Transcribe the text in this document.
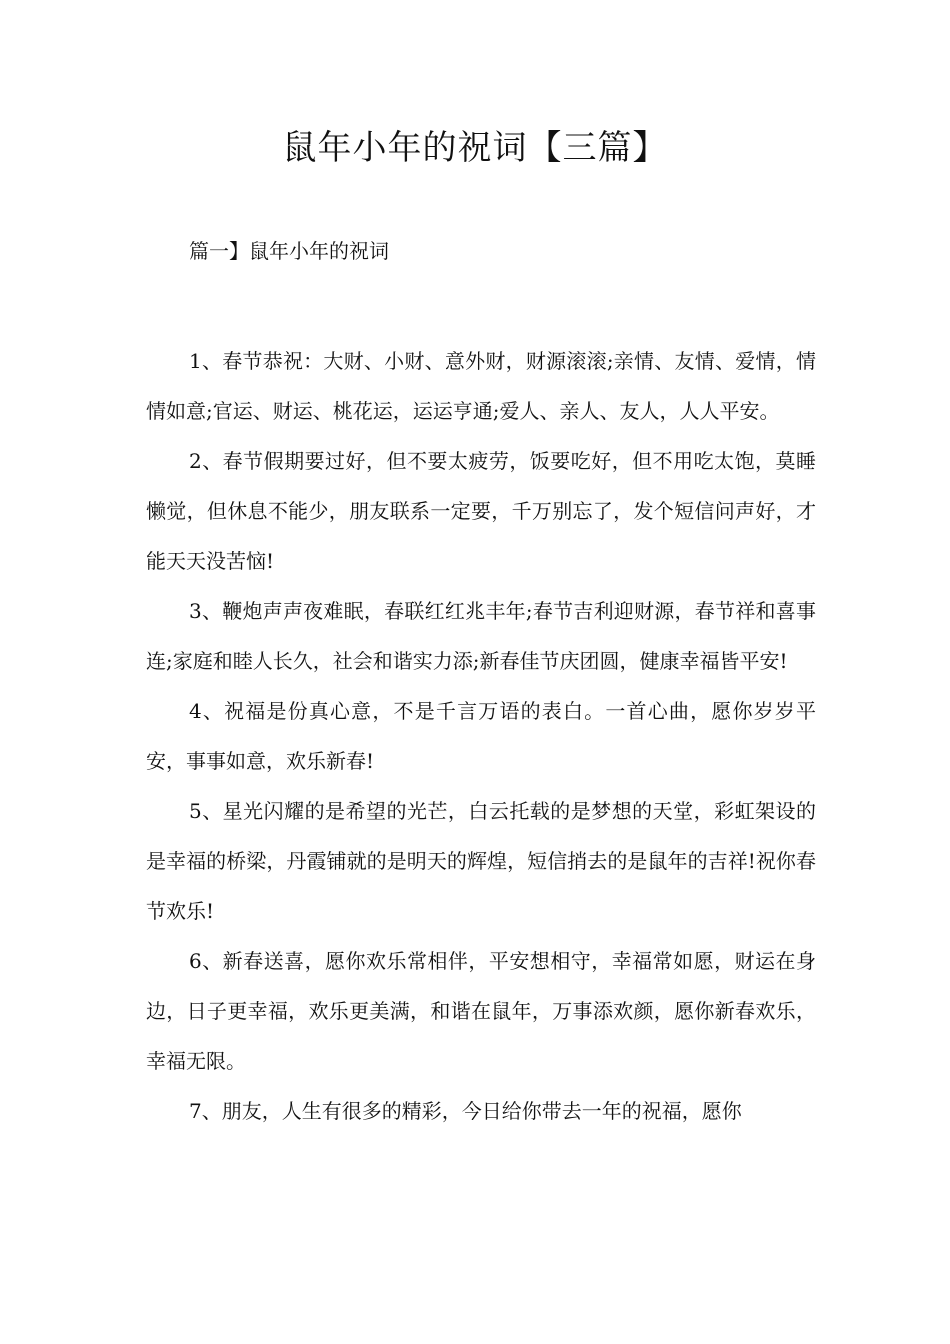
鼠年小年的祝词【三篇】
篇一】鼠年小年的祝词

1、春节恭祝：大财、小财、意外财，财源滚滚;亲情、友情、爱情，情情如意;官运、财运、桃花运，运运亨通;爱人、亲人、友人，人人平安。

2、春节假期要过好，但不要太疲劳，饭要吃好，但不用吃太饱，莫睡懒觉，但休息不能少，朋友联系一定要，千万别忘了，发个短信问声好，才能天天没苦恼!

3、鞭炮声声夜难眠，春联红红兆丰年;春节吉利迎财源，春节祥和喜事连;家庭和睦人长久，社会和谐实力添;新春佳节庆团圆，健康幸福皆平安!

4、祝福是份真心意，不是千言万语的表白。一首心曲，愿你岁岁平安，事事如意，欢乐新春!

5、星光闪耀的是希望的光芒，白云托载的是梦想的天堂，彩虹架设的是幸福的桥梁，丹霞铺就的是明天的辉煌，短信捎去的是鼠年的吉祥!祝你春节欢乐!

6、新春送喜，愿你欢乐常相伴，平安想相守，幸福常如愿，财运在身边，日子更幸福，欢乐更美满，和谐在鼠年，万事添欢颜，愿你新春欢乐，幸福无限。

7、朋友，人生有很多的精彩，今日给你带去一年的祝福，愿你
